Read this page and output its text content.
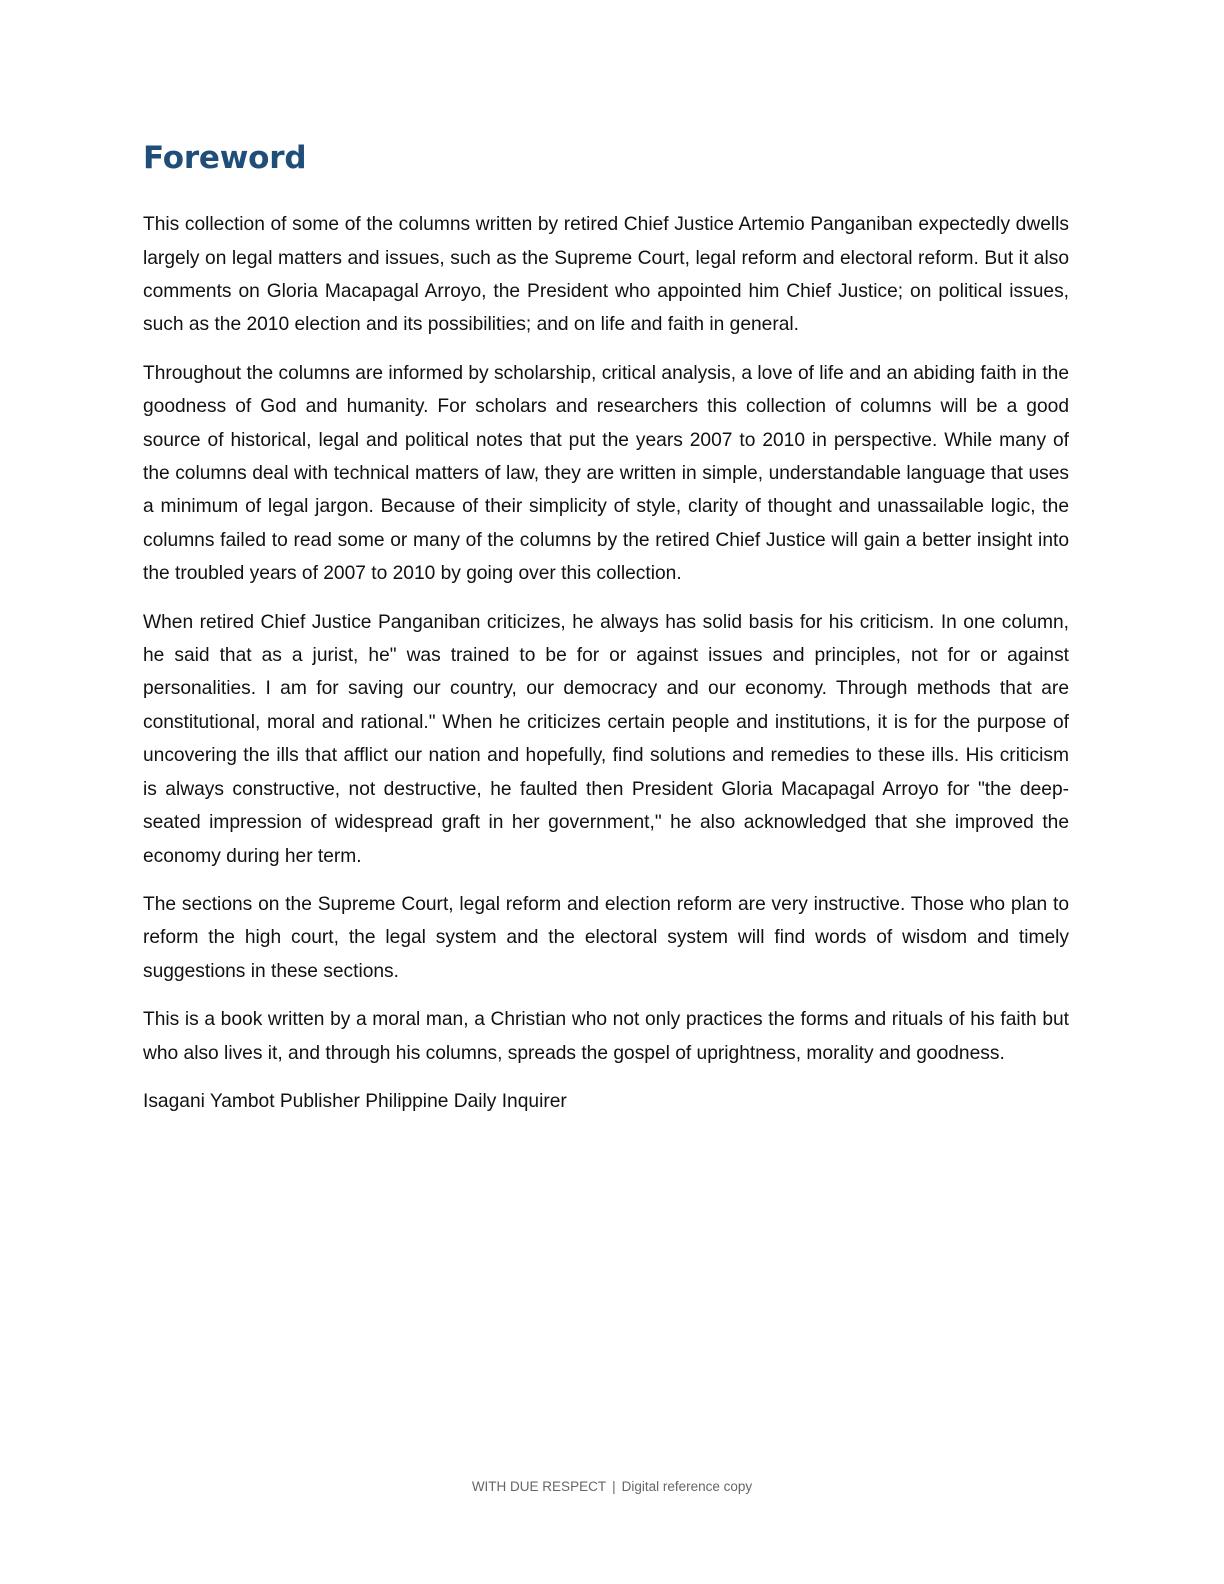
Foreword

This collection of some of the columns written by retired Chief Justice Artemio Panganiban expectedly dwells largely on legal matters and issues, such as the Supreme Court, legal reform and electoral reform. But it also comments on Gloria Macapagal Arroyo, the President who appointed him Chief Justice; on political issues, such as the 2010 election and its possibilities; and on life and faith in general.

Throughout the columns are informed by scholarship, critical analysis, a love of life and an abiding faith in the goodness of God and humanity. For scholars and researchers this collection of columns will be a good source of historical, legal and political notes that put the years 2007 to 2010 in perspective. While many of the columns deal with technical matters of law, they are written in simple, understandable language that uses a minimum of legal jargon. Because of their simplicity of style, clarity of thought and unassailable logic, the columns failed to read some or many of the columns by the retired Chief Justice will gain a better insight into the troubled years of 2007 to 2010 by going over this collection.

When retired Chief Justice Panganiban criticizes, he always has solid basis for his criticism. In one column, he said that as a jurist, he" was trained to be for or against issues and principles, not for or against personalities. I am for saving our country, our democracy and our economy. Through methods that are constitutional, moral and rational." When he criticizes certain people and institutions, it is for the purpose of uncovering the ills that afflict our nation and hopefully, find solutions and remedies to these ills. His criticism is always constructive, not destructive, he faulted then President Gloria Macapagal Arroyo for "the deep-seated impression of widespread graft in her government," he also acknowledged that she improved the economy during her term.

The sections on the Supreme Court, legal reform and election reform are very instructive. Those who plan to reform the high court, the legal system and the electoral system will find words of wisdom and timely suggestions in these sections.

This is a book written by a moral man, a Christian who not only practices the forms and rituals of his faith but who also lives it, and through his columns, spreads the gospel of uprightness, morality and goodness.

Isagani Yambot Publisher Philippine Daily Inquirer

WITH DUE RESPECT | Digital reference copy
